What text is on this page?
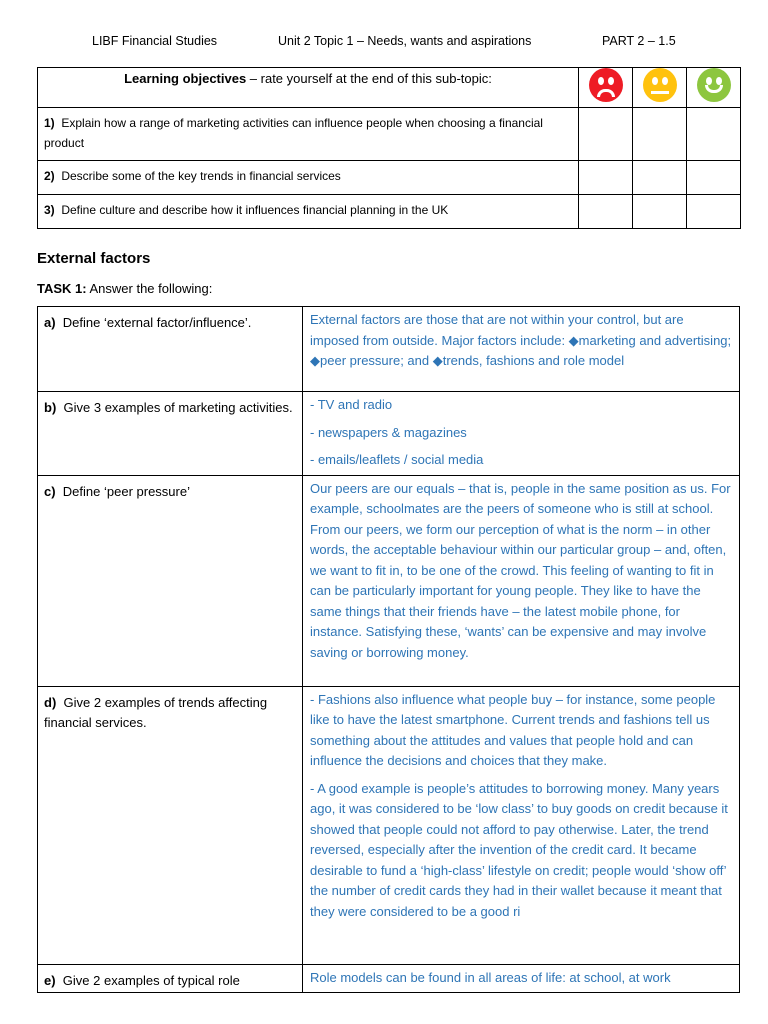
LIBF Financial Studies	Unit 2 Topic 1 – Needs, wants and aspirations	PART 2 – 1.5
Learning objectives – rate yourself at the end of this sub-topic:	

1) Explain how a range of marketing activities can influence people when choosing a financial product			
2) Describe some of the key trends in financial services			
3) Define culture and describe how it influences financial planning in the UK			
External factors
TASK 1: Answer the following:
a) Define ‘external factor/influence’.	External factors are those that are not within your control, but are imposed from outside. Major factors include: ◆marketing and advertising; ◆peer pressure; and ◆trends, fashions and role model

b) Give 3 examples of marketing activities.	- TV and radio

- newspapers & magazines

- emails/leaflets / social media

c) Define ‘peer pressure’	Our peers are our equals – that is, people in the same position as us. For example, schoolmates are the peers of someone who is still at school. From our peers, we form our perception of what is the norm – in other words, the acceptable behaviour within our particular group – and, often, we want to fit in, to be one of the crowd. This feeling of wanting to fit in can be particularly important for young people. They like to have the same things that their friends have – the latest mobile phone, for instance. Satisfying these, ‘wants’ can be expensive and may involve saving or borrowing money.

d) Give 2 examples of trends affecting financial services.	- Fashions also influence what people buy – for instance, some people like to have the latest smartphone. Current trends and fashions tell us something about the attitudes and values that people hold and can influence the decisions and choices that they make.

- A good example is people’s attitudes to borrowing money. Many years ago, it was considered to be ‘low class’ to buy goods on credit because it showed that people could not afford to pay otherwise. Later, the trend reversed, especially after the invention of the credit card. It became desirable to fund a ‘high-class’ lifestyle on credit; people would ‘show off’ the number of credit cards they had in their wallet because it meant that they were considered to be a good ri

e) Give 2 examples of typical role	Role models can be found in all areas of life: at school, at work
